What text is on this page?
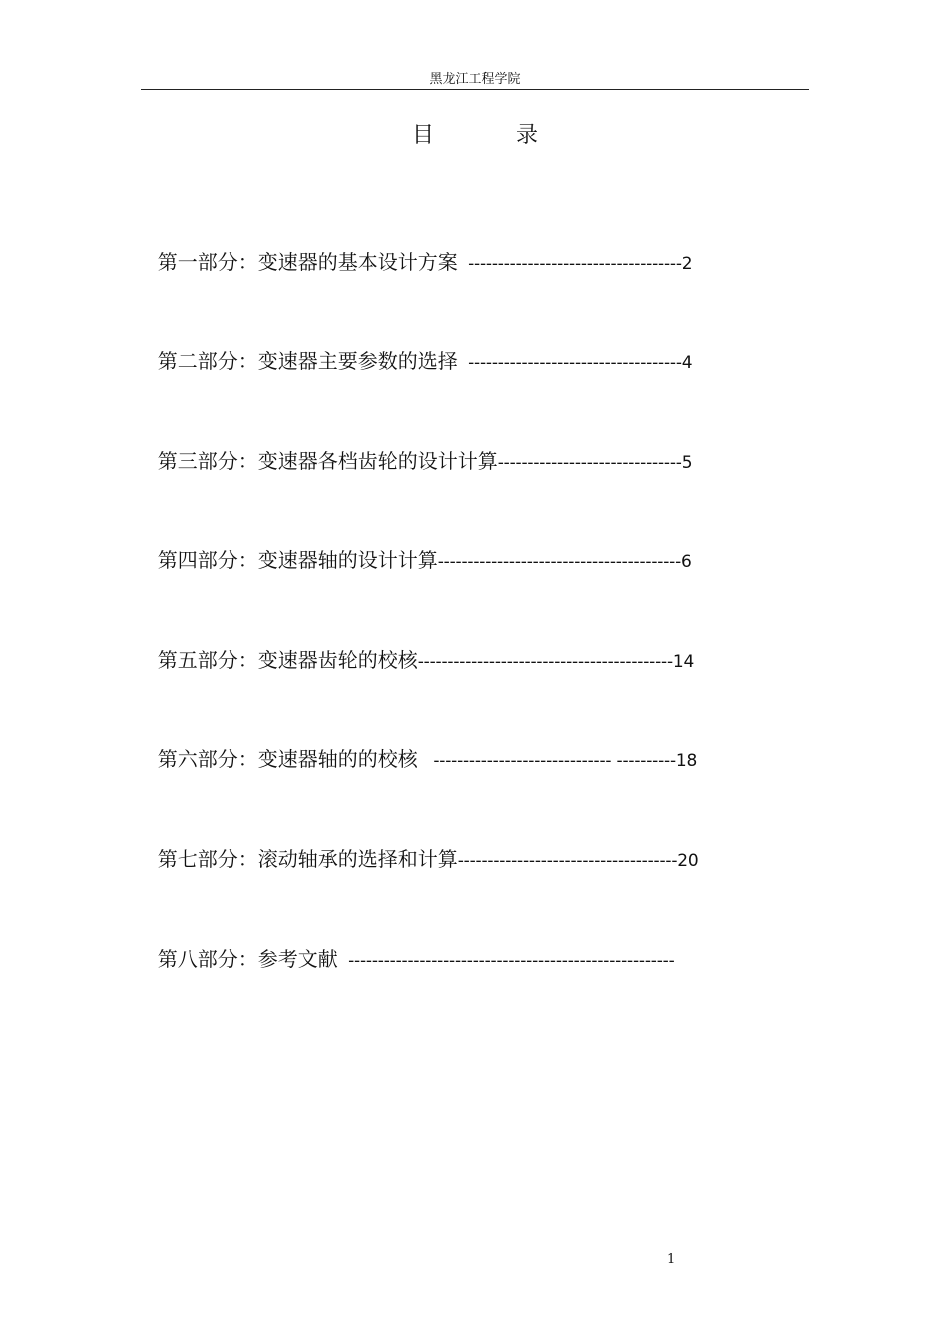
黑龙江工程学院
目	录

第一部分：变速器的基本设计方案  ------------------------------------2

第二部分：变速器主要参数的选择  ------------------------------------4

第三部分：变速器各档齿轮的设计计算-------------------------------5

第四部分：变速器轴的设计计算-----------------------------------------6

第五部分：变速器齿轮的校核-------------------------------------------14

第六部分：变速器轴的的校核   ------------------------------ ----------18

第七部分：滚动轴承的选择和计算-------------------------------------20

第八部分：参考文献  -------------------------------------------------------

1
